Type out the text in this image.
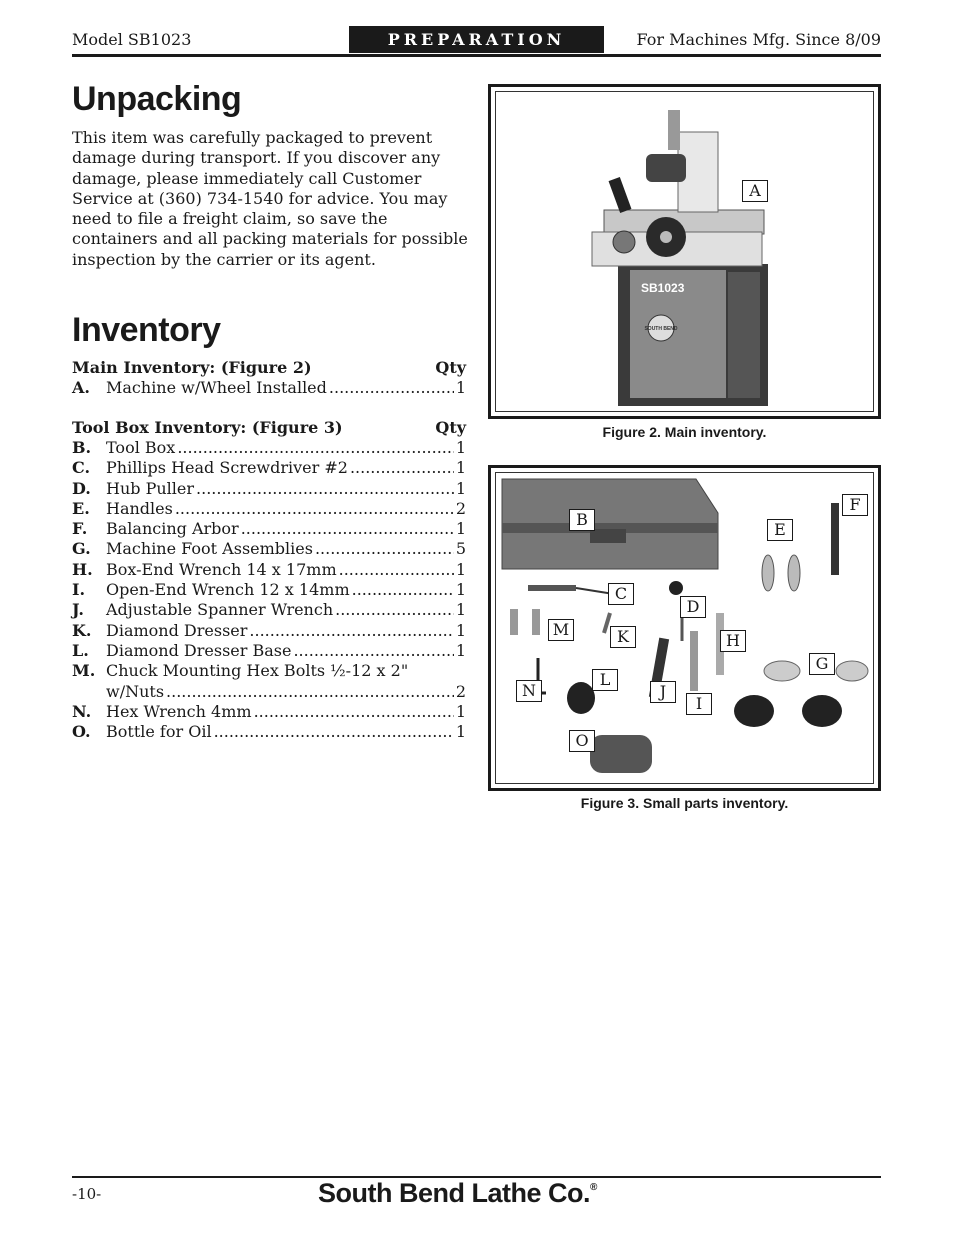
Model SB1023	PREPARATION	For Machines Mfg. Since 8/09
Unpacking

This item was carefully packaged to prevent damage during transport. If you discover any damage, please immediately call Customer Service at (360) 734-1540 for advice. You may need to file a freight claim, so save the containers and all packing materials for possible inspection by the carrier or its agent.

Inventory
Main Inventory: (Figure 2)	Qty
A.	Machine w/Wheel Installed .....	1
Tool Box Inventory: (Figure 3)	Qty
B. Tool Box .....	1
C. Phillips Head Screwdriver #2 .....	1
D. Hub Puller .....	1
E.	Handles .....	2
F.	Balancing Arbor .....	1
G. Machine Foot Assemblies .....	5
H. Box-End Wrench 14 x 17mm .....	1
I.	Open-End Wrench 12 x 14mm .....	1
J.	Adjustable Spanner Wrench .....	1
K. Diamond Dresser .....	1
L.	Diamond Dresser Base .....	1
M. Chuck Mounting Hex Bolts ½-12 x 2"
w/Nuts .....	2
N. Hex Wrench 4mm .....	1
O. Bottle for Oil .....	1
SB1023
SOUTH BEND
A
Figure 2. Main inventory.
B
C
D
E
F
G
H
I
J
K
L
M
N
O
Figure 3. Small parts inventory.
-10-	South Bend Lathe Co.®
